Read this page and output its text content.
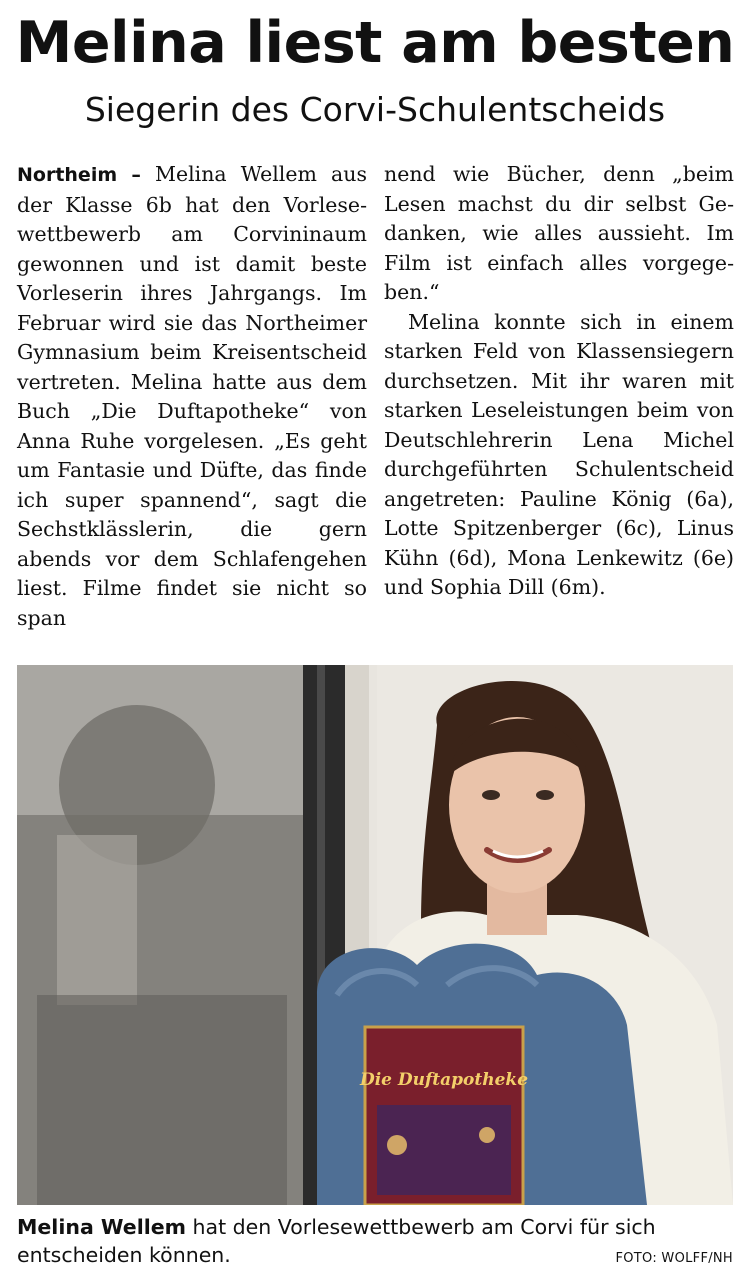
Melina liest am besten
Siegerin des Corvi-Schulentscheids

Northeim – Melina Wellem aus der Klasse 6b hat den Vorlesewettbewerb am Corvininaum gewonnen und ist damit beste Vorleserin ihres Jahrgangs. Im Februar wird sie das Northeimer Gymnasium beim Kreisentscheid vertreten. Melina hatte aus dem Buch „Die Duftapotheke“ von Anna Ruhe vorgelesen. „Es geht um Fantasie und Düfte, das finde ich super spannend“, sagt die Sechstklässlerin, die gern abends vor dem Schlafengehen liest. Filme findet sie nicht so span

nend wie Bücher, denn „beim Lesen machst du dir selbst Gedanken, wie alles aussieht. Im Film ist einfach alles vorgegeben.“

Melina konnte sich in einem starken Feld von Klassensiegern durchsetzen. Mit ihr waren mit starken Leseleistungen beim von Deutschlehrerin Lena Michel durchgeführten Schulentscheid angetreten: Pauline König (6a), Lotte Spitzenberger (6c), Linus Kühn (6d), Mona Lenkewitz (6e) und Sophia Dill (6m).

Die Duftapotheke
Melina Wellem hat den Vorlesewettbewerb am Corvi für sich entscheiden können.	FOTO: WOLFF/NH
